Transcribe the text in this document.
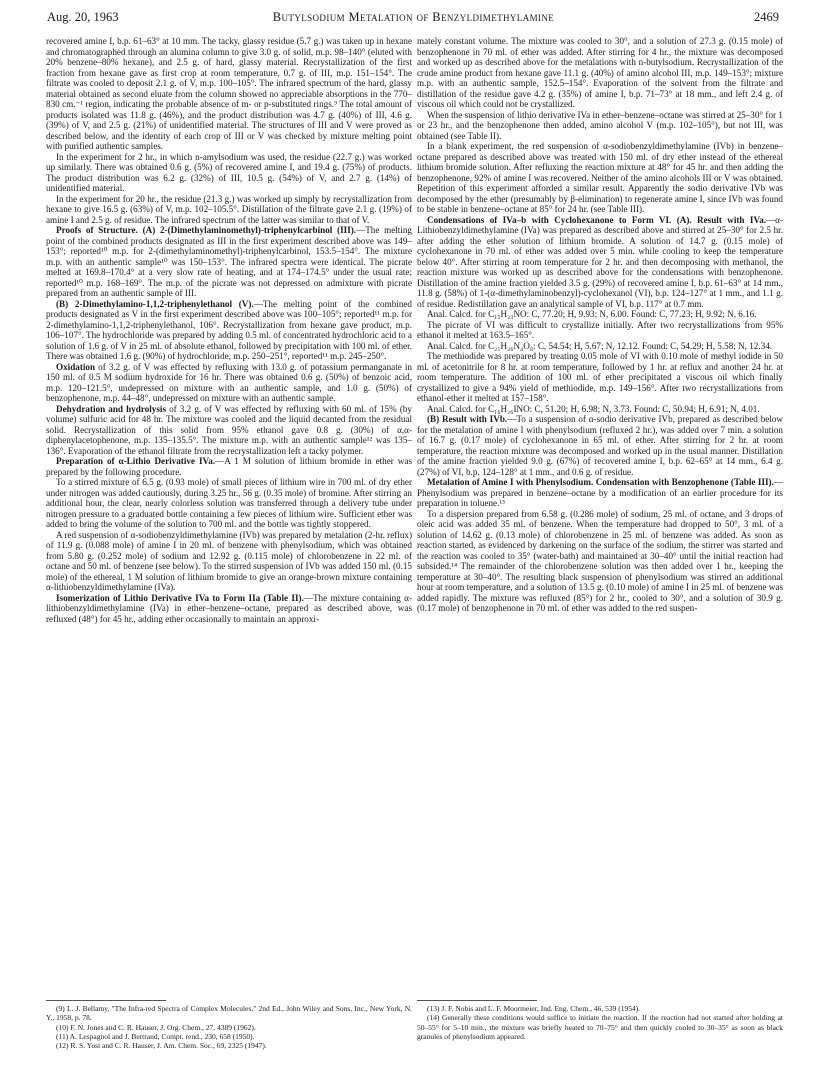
Aug. 20, 1963	Butylsodium Metalation of Benzyldimethylamine	2469

recovered amine I, b.p. 61–63° at 10 mm. The tacky, glassy residue (5.7 g.) was taken up in hexane and chromatographed through an alumina column to give 3.0 g. of solid, m.p. 98–140° (eluted with 20% benzene–80% hexane), and 2.5 g. of hard, glassy material. Recrystallization of the first fraction from hexane gave as first crop at room temperature, 0.7 g. of III, m.p. 151–154°. The filtrate was cooled to deposit 2.1 g. of V, m.p. 100–105°. The infrared spectrum of the hard, glassy material obtained as second eluate from the column showed no appreciable absorptions in the 770–830 cm.⁻¹ region, indicating the probable absence of m- or p-substituted rings.⁹ The total amount of products isolated was 11.8 g. (46%), and the product distribution was 4.7 g. (40%) of III, 4.6 g. (39%) of V, and 2.5 g. (21%) of unidentified material. The structures of III and V were proved as described below, and the identity of each crop of III or V was checked by mixture melting point with purified authentic samples.

In the experiment for 2 hr., in which n-amylsodium was used, the residue (22.7 g.) was worked up similarly. There was obtained 0.6 g. (5%) of recovered amine I, and 19.4 g. (75%) of products. The product distribution was 6.2 g. (32%) of III, 10.5 g. (54%) of V, and 2.7 g. (14%) of unidentified material.

In the experiment for 20 hr., the residue (21.3 g.) was worked up simply by recrystallization from hexane to give 16.5 g. (63%) of V, m.p. 102–105.5°. Distillation of the filtrate gave 2.1 g. (19%) of amine I and 2.5 g. of residue. The infrared spectrum of the latter was similar to that of V.

Proofs of Structure. (A) 2-(Dimethylaminomethyl)-triphenylcarbinol (III).—The melting point of the combined products designated as III in the first experiment described above was 149–153°; reported¹⁰ m.p. for 2-(dimethylaminomethyl)-triphenylcarbinol, 153.5–154°. The mixture m.p. with an authentic sample¹⁰ was 150–153°. The infrared spectra were identical. The picrate melted at 169.8–170.4° at a very slow rate of heating, and at 174–174.5° under the usual rate; reported¹⁰ m.p. 168–169°. The m.p. of the picrate was not depressed on admixture with picrate prepared from an authentic sample of III.

(B) 2-Dimethylamino-1,1,2-triphenylethanol (V).—The melting point of the combined products designated as V in the first experiment described above was 100–105°; reported¹¹ m.p. for 2-dimethylamino-1,1,2-triphenylethanol, 106°. Recrystallization from hexane gave product, m.p. 106–107°. The hydrochloride was prepared by adding 0.5 ml. of concentrated hydrochloric acid to a solution of 1.6 g. of V in 25 ml. of absolute ethanol, followed by precipitation with 100 ml. of ether. There was obtained 1.6 g. (90%) of hydrochloride, m.p. 250–251°, reported¹¹ m.p. 245–250°.

Oxidation of 3.2 g. of V was effected by refluxing with 13.0 g. of potassium permanganate in 150 ml. of 0.5 M sodium hydroxide for 16 hr. There was obtained 0.6 g. (50%) of benzoic acid, m.p. 120–121.5°, undepressed on mixture with an authentic sample, and 1.0 g. (50%) of benzophenone, m.p. 44–48°, undepressed on mixture with an authentic sample.

Dehydration and hydrolysis of 3.2 g. of V was effected by refluxing with 60 ml. of 15% (by volume) sulfuric acid for 48 hr. The mixture was cooled and the liquid decanted from the residual solid. Recrystallization of this solid from 95% ethanol gave 0.8 g. (30%) of α,α-diphenylacetophenone, m.p. 135–135.5°. The mixture m.p. with an authentic sample¹² was 135–136°. Evaporation of the ethanol filtrate from the recrystallization left a tacky polymer.

Preparation of α-Lithio Derivative IVa.—A 1 M solution of lithium bromide in ether was prepared by the following procedure.

To a stirred mixture of 6.5 g. (0.93 mole) of small pieces of lithium wire in 700 ml. of dry ether under nitrogen was added cautiously, during 3.25 hr., 56 g. (0.35 mole) of bromine. After stirring an additional hour, the clear, nearly colorless solution was transferred through a delivery tube under nitrogen pressure to a graduated bottle containing a few pieces of lithium wire. Sufficient ether was added to bring the volume of the solution to 700 ml. and the bottle was tightly stoppered.

A red suspension of α-sodiobenzyldimethylamine (IVb) was prepared by metalation (2-hr. reflux) of 11.9 g. (0.088 mole) of amine I in 20 ml. of benzene with phenylsodium, which was obtained from 5.80 g. (0.252 mole) of sodium and 12.92 g. (0.115 mole) of chlorobenzene in 22 ml. of octane and 50 ml. of benzene (see below). To the stirred suspension of IVb was added 150 ml. (0.15 mole) of the ethereal, 1 M solution of lithium bromide to give an orange-brown mixture containing α-lithiobenzyldimethylamine (IVa).

Isomerization of Lithio Derivative IVa to Form IIa (Table II).—The mixture containing α-lithiobenzyldimethylamine (IVa) in ether–benzene–octane, prepared as described above, was refluxed (48°) for 45 hr., adding ether occasionally to maintain an approxi-

mately constant volume. The mixture was cooled to 30°, and a solution of 27.3 g. (0.15 mole) of benzophenone in 70 ml. of ether was added. After stirring for 4 hr., the mixture was decomposed and worked up as described above for the metalations with n-butylsodium. Recrystallization of the crude amine product from hexane gave 11.1 g. (40%) of amino alcohol III, m.p. 149–153°; mixture m.p. with an authentic sample, 152.5–154°. Evaporation of the solvent from the filtrate and distillation of the residue gave 4.2 g. (35%) of amine I, b.p. 71–73° at 18 mm., and left 2.4 g. of viscous oil which could not be crystallized.

When the suspension of lithio derivative IVa in ether–benzene–octane was stirred at 25–30° for 1 or 23 hr., and the benzophenone then added, amino alcohol V (m.p. 102–105°), but not III, was obtained (see Table II).

In a blank experiment, the red suspension of α-sodiobenzyldimethylamine (IVb) in benzene–octane prepared as described above was treated with 150 ml. of dry ether instead of the ethereal lithium bromide solution. After refluxing the reaction mixture at 48° for 45 hr. and then adding the benzophenone, 92% of amine I was recovered. Neither of the amino alcohols III or V was obtained. Repetition of this experiment afforded a similar result. Apparently the sodio derivative IVb was decomposed by the ether (presumably by β-elimination) to regenerate amine I, since IVb was found to be stable in benzene–octane at 85° for 24 hr. (see Table III).

Condensations of IVa–b with Cyclohexanone to Form VI. (A). Result with IVa.—α-Lithiobenzyldimethylamine (IVa) was prepared as described above and stirred at 25–30° for 2.5 hr. after adding the ether solution of lithium bromide. A solution of 14.7 g. (0.15 mole) of cyclohexanone in 70 ml. of ether was added over 5 min. while cooling to keep the temperature below 40°. After stirring at room temperature for 2 hr. and then decomposing with methanol, the reaction mixture was worked up as described above for the condensations with benzophenone. Distillation of the amine fraction yielded 3.5 g. (29%) of recovered amine I, b.p. 61–63° at 14 mm., 11.8 g. (58%) of 1-(α-dimethylaminobenzyl)-cyclohexanol (VI), b.p. 124–127° at 1 mm., and 1.1 g. of residue. Redistillation gave an analytical sample of VI, b.p. 117° at 0.7 mm.

Anal. Calcd. for C₁₅H₂₃NO: C, 77.20; H, 9.93; N, 6.00. Found: C, 77.23; H, 9.92; N, 6.16.

The picrate of VI was difficult to crystallize initially. After two recrystallizations from 95% ethanol it melted at 163.5–165°.

Anal. Calcd. for C₂₁H₂₆N₄O₈: C, 54.54; H, 5.67; N, 12.12. Found: C, 54.29; H, 5.58; N, 12.34.

The methiodide was prepared by treating 0.05 mole of VI with 0.10 mole of methyl iodide in 50 ml. of acetonitrile for 8 hr. at room temperature, followed by 1 hr. at reflux and another 24 hr. at room temperature. The addition of 100 ml. of ether precipitated a viscous oil which finally crystallized to give a 94% yield of methiodide, m.p. 149–156°. After two recrystallizations from ethanol-ether it melted at 157–158°.

Anal. Calcd. for C₁₆H₂₆INO: C, 51.20; H, 6.98; N, 3.73. Found: C, 50.94; H, 6.91; N, 4.01.

(B) Result with IVb.—To a suspension of α-sodio derivative IVb, prepared as described below for the metalation of amine I with phenylsodium (refluxed 2 hr.), was added over 7 min. a solution of 16.7 g. (0.17 mole) of cyclohexanone in 65 ml. of ether. After stirring for 2 hr. at room temperature, the reaction mixture was decomposed and worked up in the usual manner. Distillation of the amine fraction yielded 9.0 g. (67%) of recovered amine I, b.p. 62–65° at 14 mm., 6.4 g. (27%) of VI, b.p. 124–128° at 1 mm., and 0.6 g. of residue.

Metalation of Amine I with Phenylsodium. Condensation with Benzophenone (Table III).—Phenylsodium was prepared in benzene–octane by a modification of an earlier procedure for its preparation in toluene.¹³

To a dispersion prepared from 6.58 g. (0.286 mole) of sodium, 25 ml. of octane, and 3 drops of oleic acid was added 35 ml. of benzene. When the temperature had dropped to 50°, 3 ml. of a solution of 14.62 g. (0.13 mole) of chlorobenzene in 25 ml. of benzene was added. As soon as reaction started, as evidenced by darkening on the surface of the sodium, the stirrer was started and the reaction was cooled to 35° (water-bath) and maintained at 30–40° until the initial reaction had subsided.¹⁴ The remainder of the chlorobenzene solution was then added over 1 hr., keeping the temperature at 30–40°. The resulting black suspension of phenylsodium was stirred an additional hour at room temperature, and a solution of 13.5 g. (0.10 mole) of amine I in 25 ml. of benzene was added rapidly. The mixture was refluxed (85°) for 2 hr., cooled to 30°, and a solution of 30.9 g. (0.17 mole) of benzophenone in 70 ml. of ether was added to the red suspen-

(9) L. J. Bellamy, "The Infra-red Spectra of Complex Molecules," 2nd Ed., John Wiley and Sons, Inc., New York, N. Y., 1958, p. 78.
(10) F. N. Jones and C. R. Hauser, J. Org. Chem., 27, 4389 (1962).
(11) A. Lespagnol and J. Bertrand, Compt. rend., 230, 658 (1950).
(12) R. S. Yost and C. R. Hauser, J. Am. Chem. Soc., 69, 2325 (1947).
(13) J. F. Nobis and L. F. Moormeier, Ind. Eng. Chem., 46, 539 (1954).
(14) Generally these conditions would suffice to initiate the reaction. If the reaction had not started after holding at 50–55° for 5–10 min., the mixture was briefly heated to 70–75° and then quickly cooled to 30–35° as soon as black granules of phenylsodium appeared.
